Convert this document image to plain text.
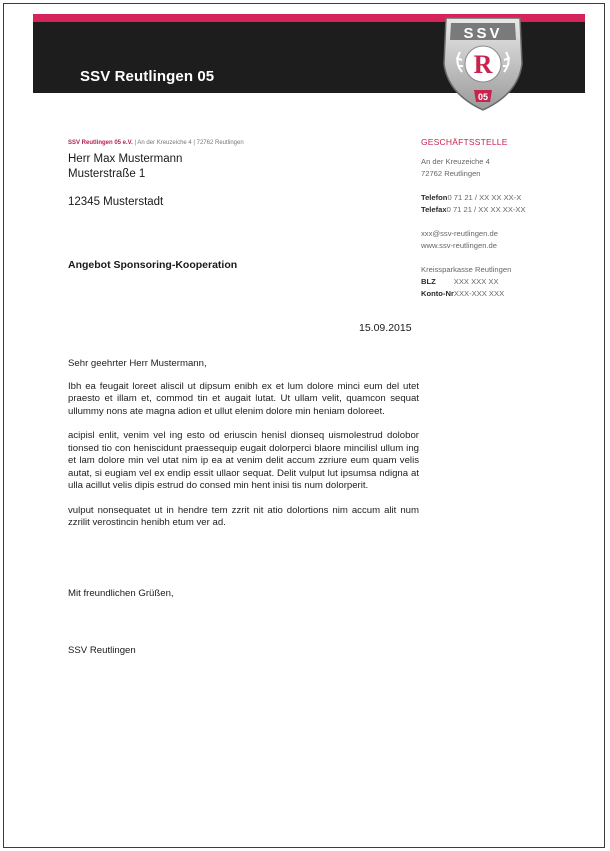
SSV Reutlingen 05
SSV
R
05
SSV Reutlingen 05 e.V. | An der Kreuzeiche 4 | 72762 Reutlingen
Herr Max Mustermann
Musterstraße 1
12345 Musterstadt
GESCHÄFTSSTELLE
An der Kreuzeiche 4
72762 Reutlingen
Telefon0 71 21 / XX XX XX-X
Telefax0 71 21 / XX XX XX-XX
xxx@ssv-reutlingen.de
www.ssv-reutlingen.de
Kreissparkasse Reutlingen
BLZ XXX XXX XX
Konto-NrXXX-XXX XXX
Angebot Sponsoring-Kooperation
15.09.2015

Sehr geehrter Herr Mustermann,

Ibh ea feugait loreet aliscil ut dipsum enibh ex et lum dolore minci eum del utet praesto et illam et, commod tin et augait lutat. Ut ullam velit, quamcon sequat ullummy nons ate magna adion et ullut elenim dolore min heniam doloreet.

acipisl enlit, venim vel ing esto od eriuscin henisl dionseq uismolestrud dolobor tionsed tio con heniscidunt praessequip eugait dolorperci blaore mincilisl ullum ing et lam dolore min vel utat nim ip ea at venim delit accum zzriure eum quam velis autat, si eugiam vel ex endip essit ullaor sequat. Delit vulput lut ipsumsa ndigna at ulla acillut velis dipis estrud do consed min hent inisi tis num dolorperit.

vulput nonsequatet ut in hendre tem zzrit nit atio dolortions nim accum alit num zzrilit verostincin henibh etum ver ad.

Mit freundlichen Grüßen,
SSV Reutlingen
